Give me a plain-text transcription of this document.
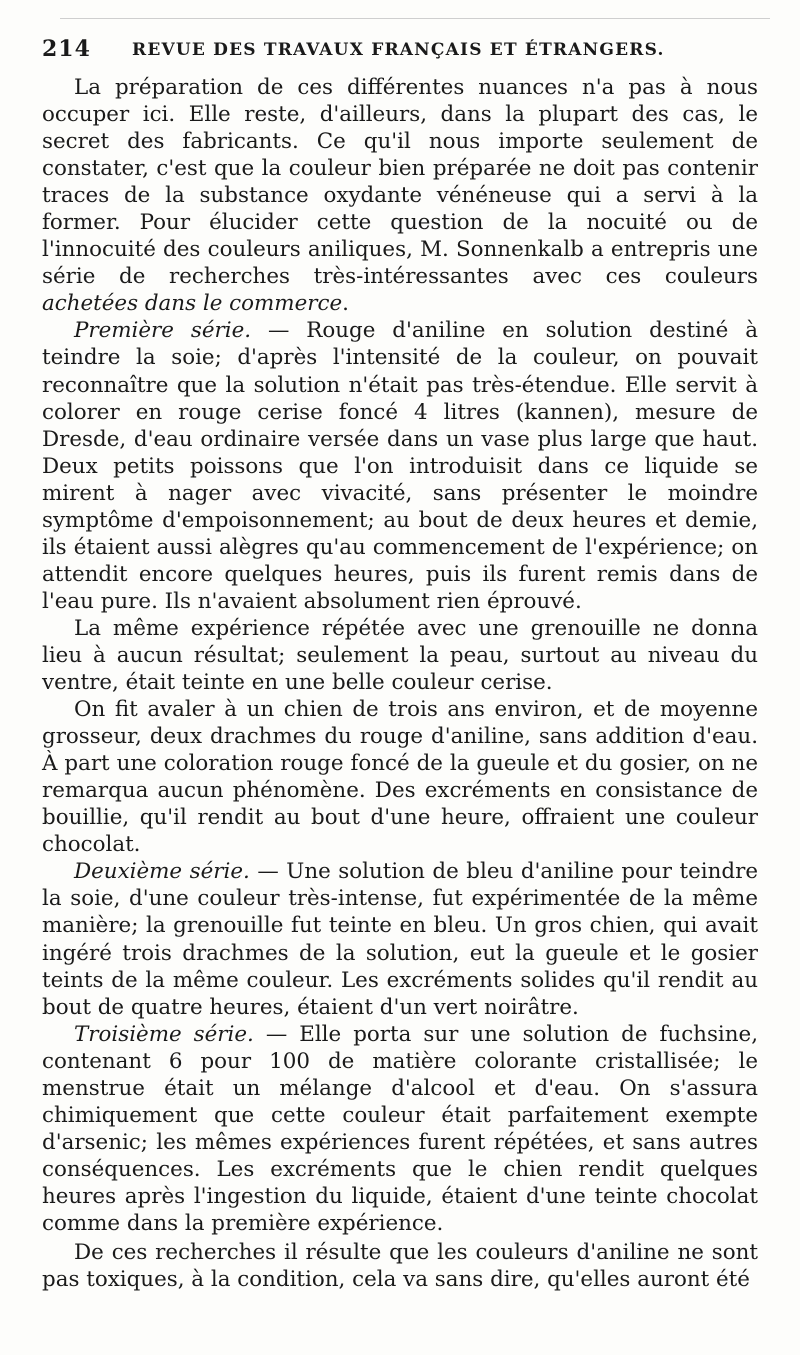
214 REVUE DES TRAVAUX FRANÇAIS ET ÉTRANGERS.

La préparation de ces différentes nuances n'a pas à nous occuper ici. Elle reste, d'ailleurs, dans la plupart des cas, le secret des fabricants. Ce qu'il nous importe seulement de constater, c'est que la couleur bien préparée ne doit pas contenir traces de la substance oxydante vénéneuse qui a servi à la former. Pour élucider cette question de la nocuité ou de l'innocuité des couleurs aniliques, M. Sonnenkalb a entrepris une série de recherches très-intéressantes avec ces couleurs achetées dans le commerce.

Première série. — Rouge d'aniline en solution destiné à teindre la soie; d'après l'intensité de la couleur, on pouvait reconnaître que la solution n'était pas très-étendue. Elle servit à colorer en rouge cerise foncé 4 litres (kannen), mesure de Dresde, d'eau ordinaire versée dans un vase plus large que haut. Deux petits poissons que l'on introduisit dans ce liquide se mirent à nager avec vivacité, sans présenter le moindre symptôme d'empoisonnement; au bout de deux heures et demie, ils étaient aussi alègres qu'au commencement de l'expérience; on attendit encore quelques heures, puis ils furent remis dans de l'eau pure. Ils n'avaient absolument rien éprouvé.

La même expérience répétée avec une grenouille ne donna lieu à aucun résultat; seulement la peau, surtout au niveau du ventre, était teinte en une belle couleur cerise.

On fit avaler à un chien de trois ans environ, et de moyenne grosseur, deux drachmes du rouge d'aniline, sans addition d'eau. À part une coloration rouge foncé de la gueule et du gosier, on ne remarqua aucun phénomène. Des excréments en consistance de bouillie, qu'il rendit au bout d'une heure, offraient une couleur chocolat.

Deuxième série. — Une solution de bleu d'aniline pour teindre la soie, d'une couleur très-intense, fut expérimentée de la même manière; la grenouille fut teinte en bleu. Un gros chien, qui avait ingéré trois drachmes de la solution, eut la gueule et le gosier teints de la même couleur. Les excréments solides qu'il rendit au bout de quatre heures, étaient d'un vert noirâtre.

Troisième série. — Elle porta sur une solution de fuchsine, contenant 6 pour 100 de matière colorante cristallisée; le menstrue était un mélange d'alcool et d'eau. On s'assura chimiquement que cette couleur était parfaitement exempte d'arsenic; les mêmes expériences furent répétées, et sans autres conséquences. Les excréments que le chien rendit quelques heures après l'ingestion du liquide, étaient d'une teinte chocolat comme dans la première expérience.

De ces recherches il résulte que les couleurs d'aniline ne sont pas toxiques, à la condition, cela va sans dire, qu'elles auront été
